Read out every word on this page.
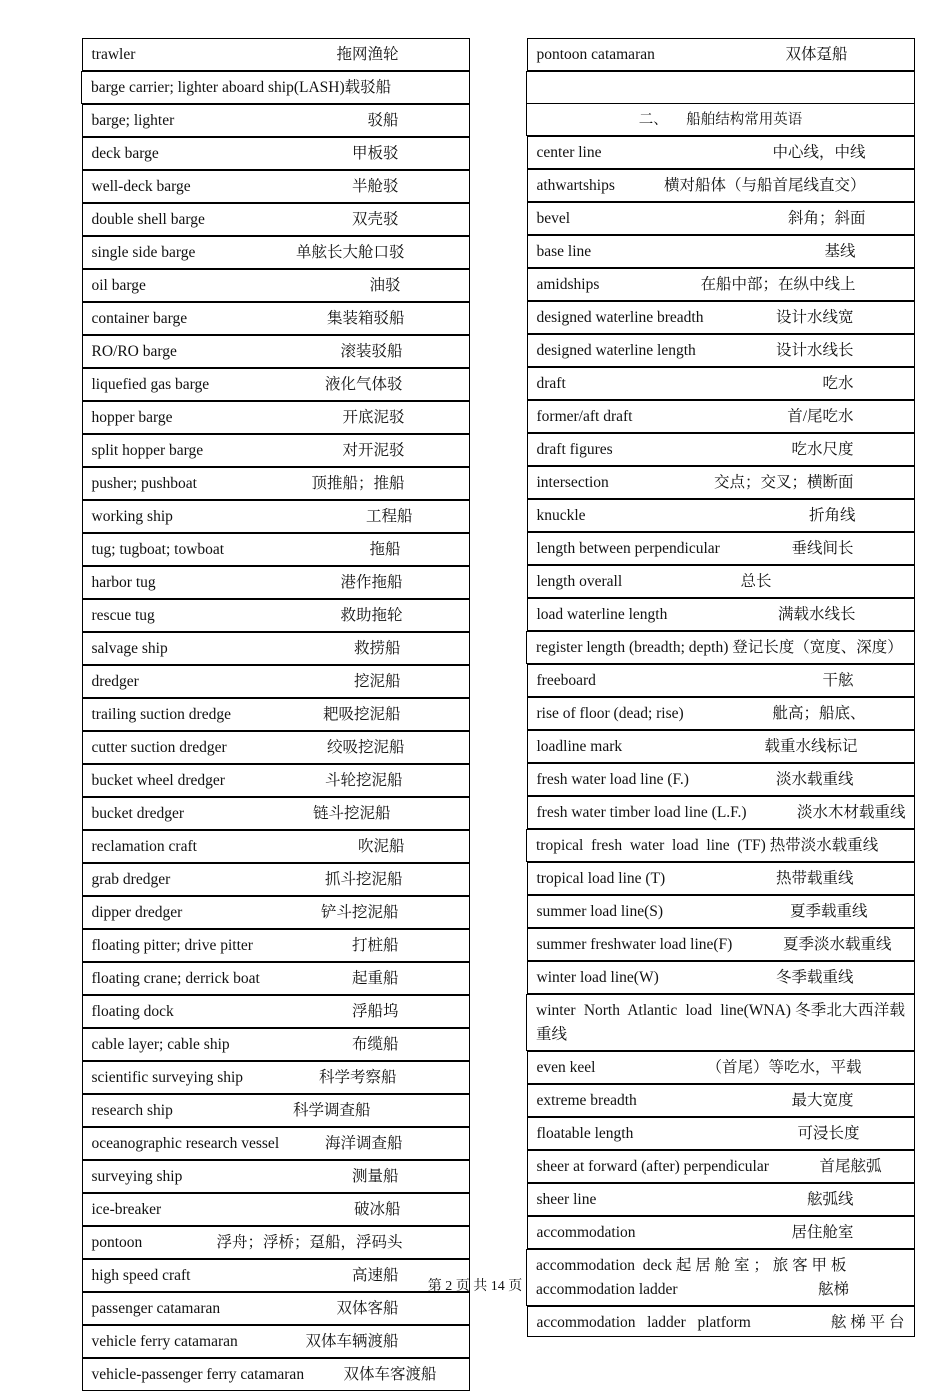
trawler	拖网渔轮

barge carrier; lighter aboard ship(LASH)载驳船

barge; lighter	驳船

deck barge	甲板驳

well-deck barge	半舱驳

double shell barge	双壳驳

single side barge	单舷长大舱口驳

oil barge	油驳

container barge	集装箱驳船

RO/RO barge	滚装驳船

liquefied gas barge	液化气体驳

hopper barge	开底泥驳

split hopper barge	对开泥驳

pusher; pushboat	顶推船；推船

working ship	工程船

tug; tugboat; towboat	拖船

harbor tug	港作拖船

rescue tug	救助拖轮

salvage ship	救捞船

dredger	挖泥船

trailing suction dredge	耙吸挖泥船

cutter suction dredger	绞吸挖泥船

bucket wheel dredger	斗轮挖泥船

bucket dredger	链斗挖泥船

reclamation craft	吹泥船

grab dredger	抓斗挖泥船

dipper dredger	铲斗挖泥船

floating pitter; drive pitter	打桩船

floating crane; derrick boat	起重船

floating dock	浮船坞

cable layer; cable ship	布缆船

scientific surveying ship	科学考察船

research ship	科学调查船

oceanographic research vessel	海洋调查船

surveying ship	测量船

ice-breaker	破冰船

pontoon	浮舟；浮桥；趸船，浮码头

high speed craft	高速船

passenger catamaran	双体客船

vehicle ferry catamaran	双体车辆渡船

vehicle-passenger ferry catamaran	双体车客渡船
pontoon catamaran	双体趸船

二、    船舶结构常用英语

center line	中心线，中线

athwartships	横对船体（与船首尾线直交）

bevel	斜角；斜面

base line	基线

amidships	在船中部；在纵中线上

designed waterline breadth	设计水线宽

designed waterline length	设计水线长

draft	吃水

former/aft draft	首/尾吃水

draft figures	吃水尺度

intersection	交点；交叉；横断面

knuckle	折角线

length between perpendicular	垂线间长

length overall	总长

load waterline length	满载水线长

register length (breadth; depth) 登记长度（宽度、深度）

freeboard	干舷

rise of floor (dead; rise)	舭高；船底、

loadline mark	载重水线标记

fresh water load line (F.)	淡水载重线

fresh water timber load line (L.F.)	淡水木材载重线

tropical  fresh  water  load  line  (TF) 热带淡水载重线

tropical load line (T)	热带载重线

summer load line(S)	夏季载重线

summer freshwater load line(F)	夏季淡水载重线

winter load line(W)	冬季载重线

winter  North  Atlantic  load  line(WNA) 冬季北大西洋载重线

even keel	（首尾）等吃水，平载

extreme breadth	最大宽度

floatable length	可浸长度

sheer at forward (after) perpendicular	首尾舷弧

sheer line	舷弧线

accommodation	居住舱室

accommodation  deck 起 居 舱 室 ； 旅 客 甲 板
accommodation ladder	舷梯

accommodation   ladder   platform	舷 梯 平 台
第 2 页 共 14 页
